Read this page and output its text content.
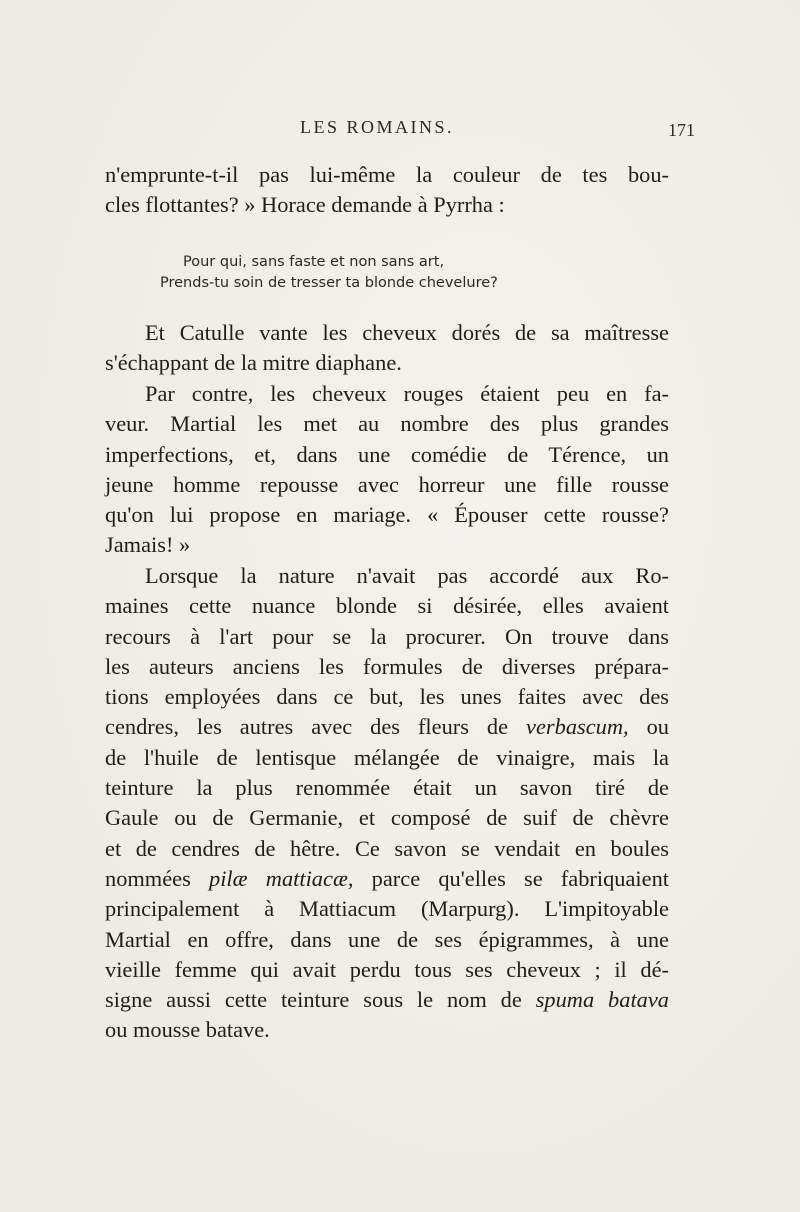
LES ROMAINS.	171
n'emprunte-t-il pas lui-même la couleur de tes bou-
cles flottantes? » Horace demande à Pyrrha :
Pour qui, sans faste et non sans art,
Prends-tu soin de tresser ta blonde chevelure?
Et Catulle vante les cheveux dorés de sa maîtresse
s'échappant de la mitre diaphane.
Par contre, les cheveux rouges étaient peu en fa-
veur. Martial les met au nombre des plus grandes
imperfections, et, dans une comédie de Térence, un
jeune homme repousse avec horreur une fille rousse
qu'on lui propose en mariage. « Épouser cette rousse?
Jamais! »
Lorsque la nature n'avait pas accordé aux Ro-
maines cette nuance blonde si désirée, elles avaient
recours à l'art pour se la procurer. On trouve dans
les auteurs anciens les formules de diverses prépara-
tions employées dans ce but, les unes faites avec des
cendres, les autres avec des fleurs de verbascum, ou
de l'huile de lentisque mélangée de vinaigre, mais la
teinture la plus renommée était un savon tiré de
Gaule ou de Germanie, et composé de suif de chèvre
et de cendres de hêtre. Ce savon se vendait en boules
nommées pilæ mattiacæ, parce qu'elles se fabriquaient
principalement à Mattiacum (Marpurg). L'impitoyable
Martial en offre, dans une de ses épigrammes, à une
vieille femme qui avait perdu tous ses cheveux ; il dé-
signe aussi cette teinture sous le nom de spuma batava
ou mousse batave.
